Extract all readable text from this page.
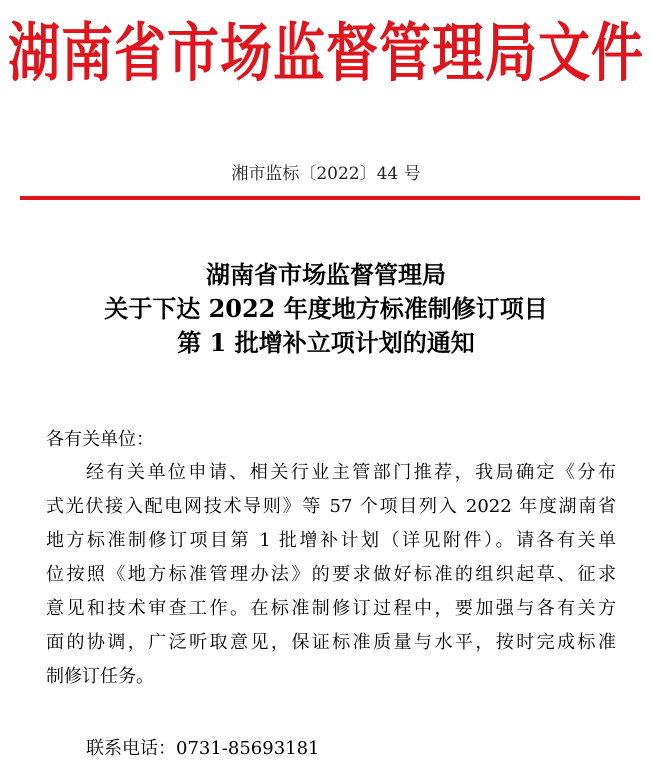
湖南省市场监督管理局文件
湘市监标〔2022〕44 号
湖南省市场监督管理局
关于下达 2022 年度地方标准制修订项目
第 1 批增补立项计划的通知
各有关单位：
经有关单位申请、相关行业主管部门推荐，我局确定《分布
式光伏接入配电网技术导则》等 57 个项目列入 2022 年度湖南省
地方标准制修订项目第 1 批增补计划（详见附件）。请各有关单
位按照《地方标准管理办法》的要求做好标准的组织起草、征求
意见和技术审查工作。在标准制修订过程中，要加强与各有关方
面的协调，广泛听取意见，保证标准质量与水平，按时完成标准
制修订任务。
联系电话：0731-85693181
